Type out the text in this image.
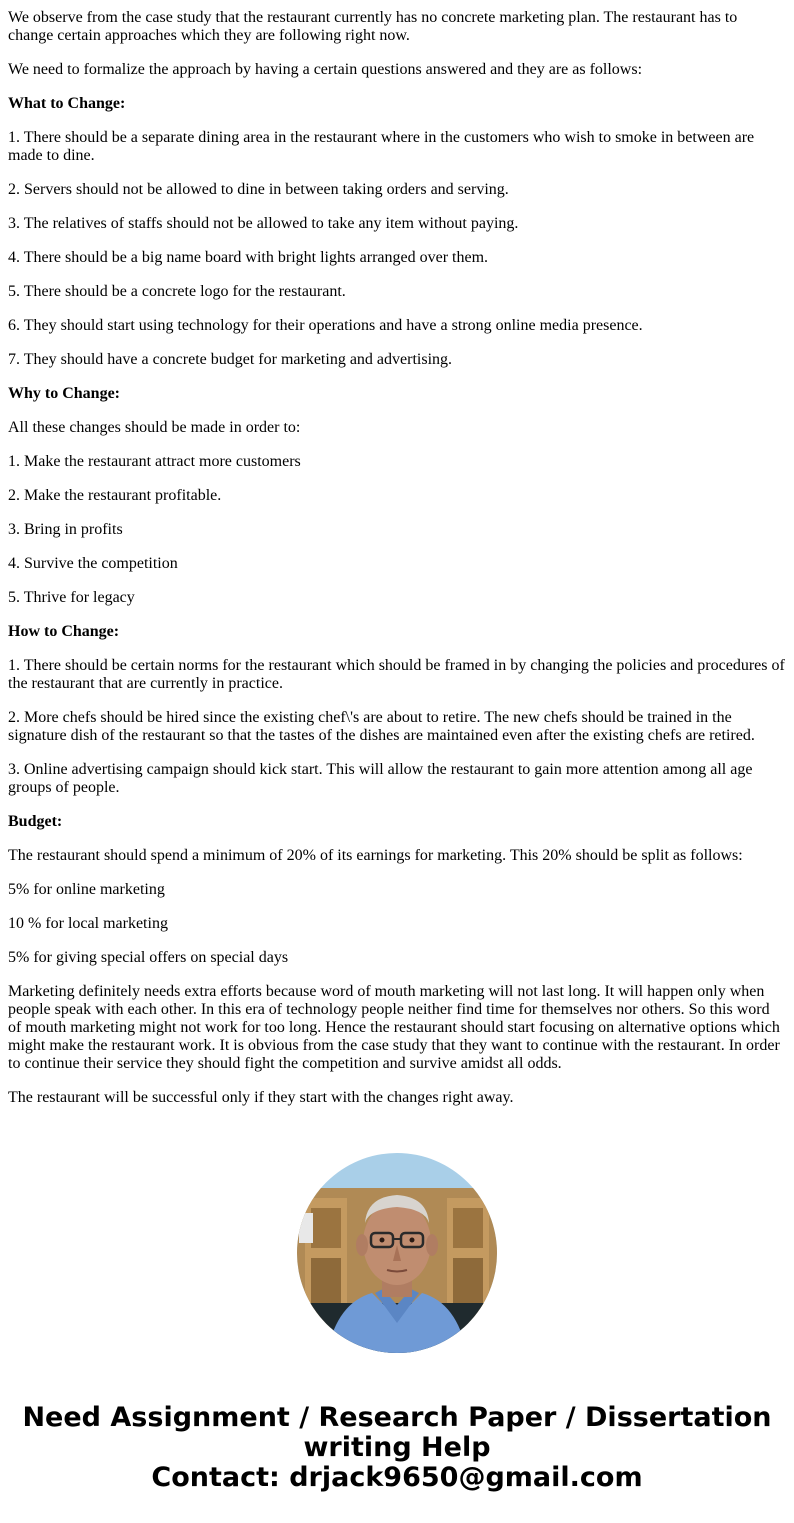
We observe from the case study that the restaurant currently has no concrete marketing plan. The restaurant has to change certain approaches which they are following right now.

We need to formalize the approach by having a certain questions answered and they are as follows:

What to Change:

1. There should be a separate dining area in the restaurant where in the customers who wish to smoke in between are made to dine.

2. Servers should not be allowed to dine in between taking orders and serving.

3. The relatives of staffs should not be allowed to take any item without paying.

4. There should be a big name board with bright lights arranged over them.

5. There should be a concrete logo for the restaurant.

6. They should start using technology for their operations and have a strong online media presence.

7. They should have a concrete budget for marketing and advertising.

Why to Change:

All these changes should be made in order to:

1. Make the restaurant attract more customers

2. Make the restaurant profitable.

3. Bring in profits

4. Survive the competition

5. Thrive for legacy

How to Change:

1. There should be certain norms for the restaurant which should be framed in by changing the policies and procedures of the restaurant that are currently in practice.

2. More chefs should be hired since the existing chef\'s are about to retire. The new chefs should be trained in the signature dish of the restaurant so that the tastes of the dishes are maintained even after the existing chefs are retired.

3. Online advertising campaign should kick start. This will allow the restaurant to gain more attention among all age groups of people.

Budget:

The restaurant should spend a minimum of 20% of its earnings for marketing. This 20% should be split as follows:

5% for online marketing

10 % for local marketing

5% for giving special offers on special days

Marketing definitely needs extra efforts because word of mouth marketing will not last long. It will happen only when people speak with each other. In this era of technology people neither find time for themselves nor others. So this word of mouth marketing might not work for too long. Hence the restaurant should start focusing on alternative options which might make the restaurant work. It is obvious from the case study that they want to continue with the restaurant. In order to continue their service they should fight the competition and survive amidst all odds.

The restaurant will be successful only if they start with the changes right away.

Need Assignment / Research Paper / Dissertation
writing Help
Contact: drjack9650@gmail.com
